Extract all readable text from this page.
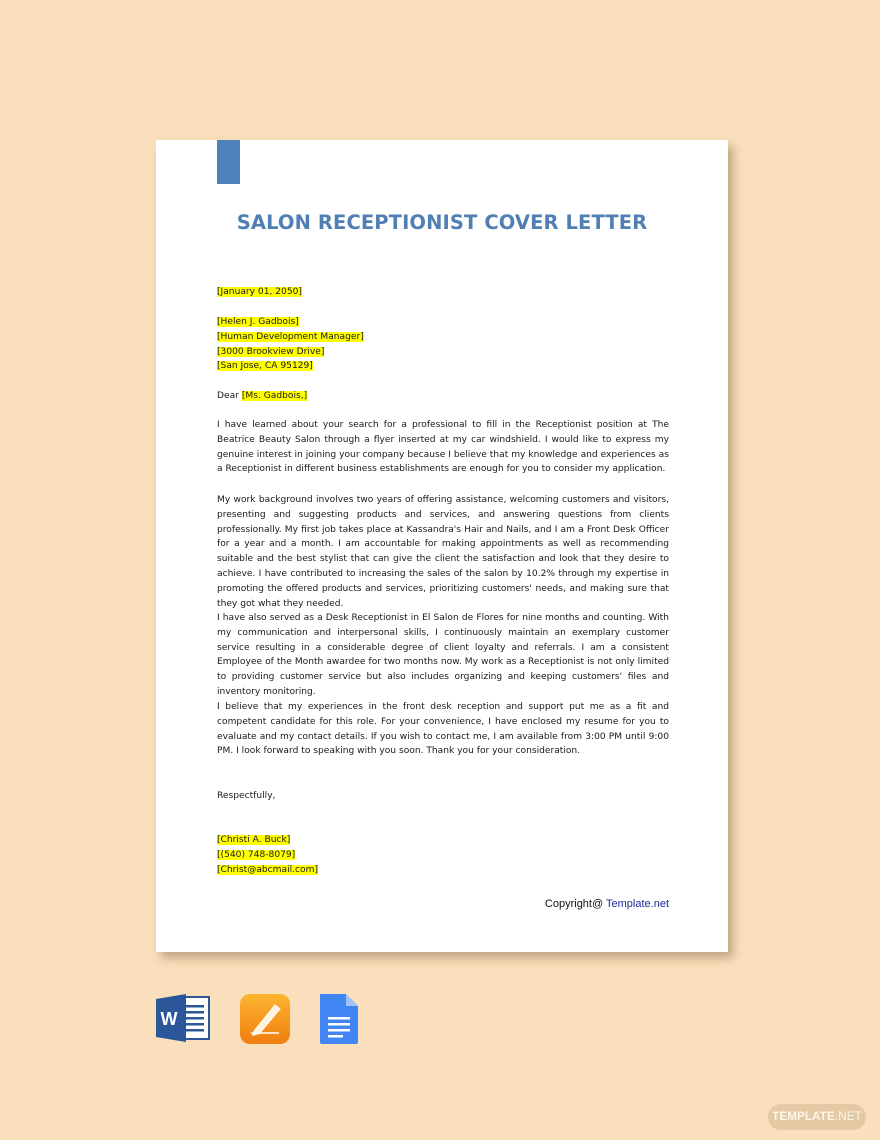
SALON RECEPTIONIST COVER LETTER
[January 01, 2050]
[Helen J. Gadbois]
[Human Development Manager]
[3000 Brookview Drive]
[San Jose, CA 95129]
Dear [Ms. Gadbois,]

I have learned about your search for a professional to fill in the Receptionist position at The Beatrice Beauty Salon through a flyer inserted at my car windshield. I would like to express my genuine interest in joining your company because I believe that my knowledge and experiences as a Receptionist in different business establishments are enough for you to consider my application.

My work background involves two years of offering assistance, welcoming customers and visitors, presenting and suggesting products and services, and answering questions from clients professionally. My first job takes place at Kassandra's Hair and Nails, and I am a Front Desk Officer for a year and a month. I am accountable for making appointments as well as recommending suitable and the best stylist that can give the client the satisfaction and look that they desire to achieve. I have contributed to increasing the sales of the salon by 10.2% through my expertise in promoting the offered products and services, prioritizing customers' needs, and making sure that they got what they needed.

I have also served as a Desk Receptionist in El Salon de Flores for nine months and counting. With my communication and interpersonal skills, I continuously maintain an exemplary customer service resulting in a considerable degree of client loyalty and referrals. I am a consistent Employee of the Month awardee for two months now. My work as a Receptionist is not only limited to providing customer service but also includes organizing and keeping customers' files and inventory monitoring.

I believe that my experiences in the front desk reception and support put me as a fit and competent candidate for this role. For your convenience, I have enclosed my resume for you to evaluate and my contact details. If you wish to contact me, I am available from 3:00 PM until 9:00 PM. I look forward to speaking with you soon. Thank you for your consideration.

Respectfully,
[Christi A. Buck]
[(540) 748-8079]
[Christ@abcmail.com]
Copyright@ Template.net
W
TEMPLATE.NET
